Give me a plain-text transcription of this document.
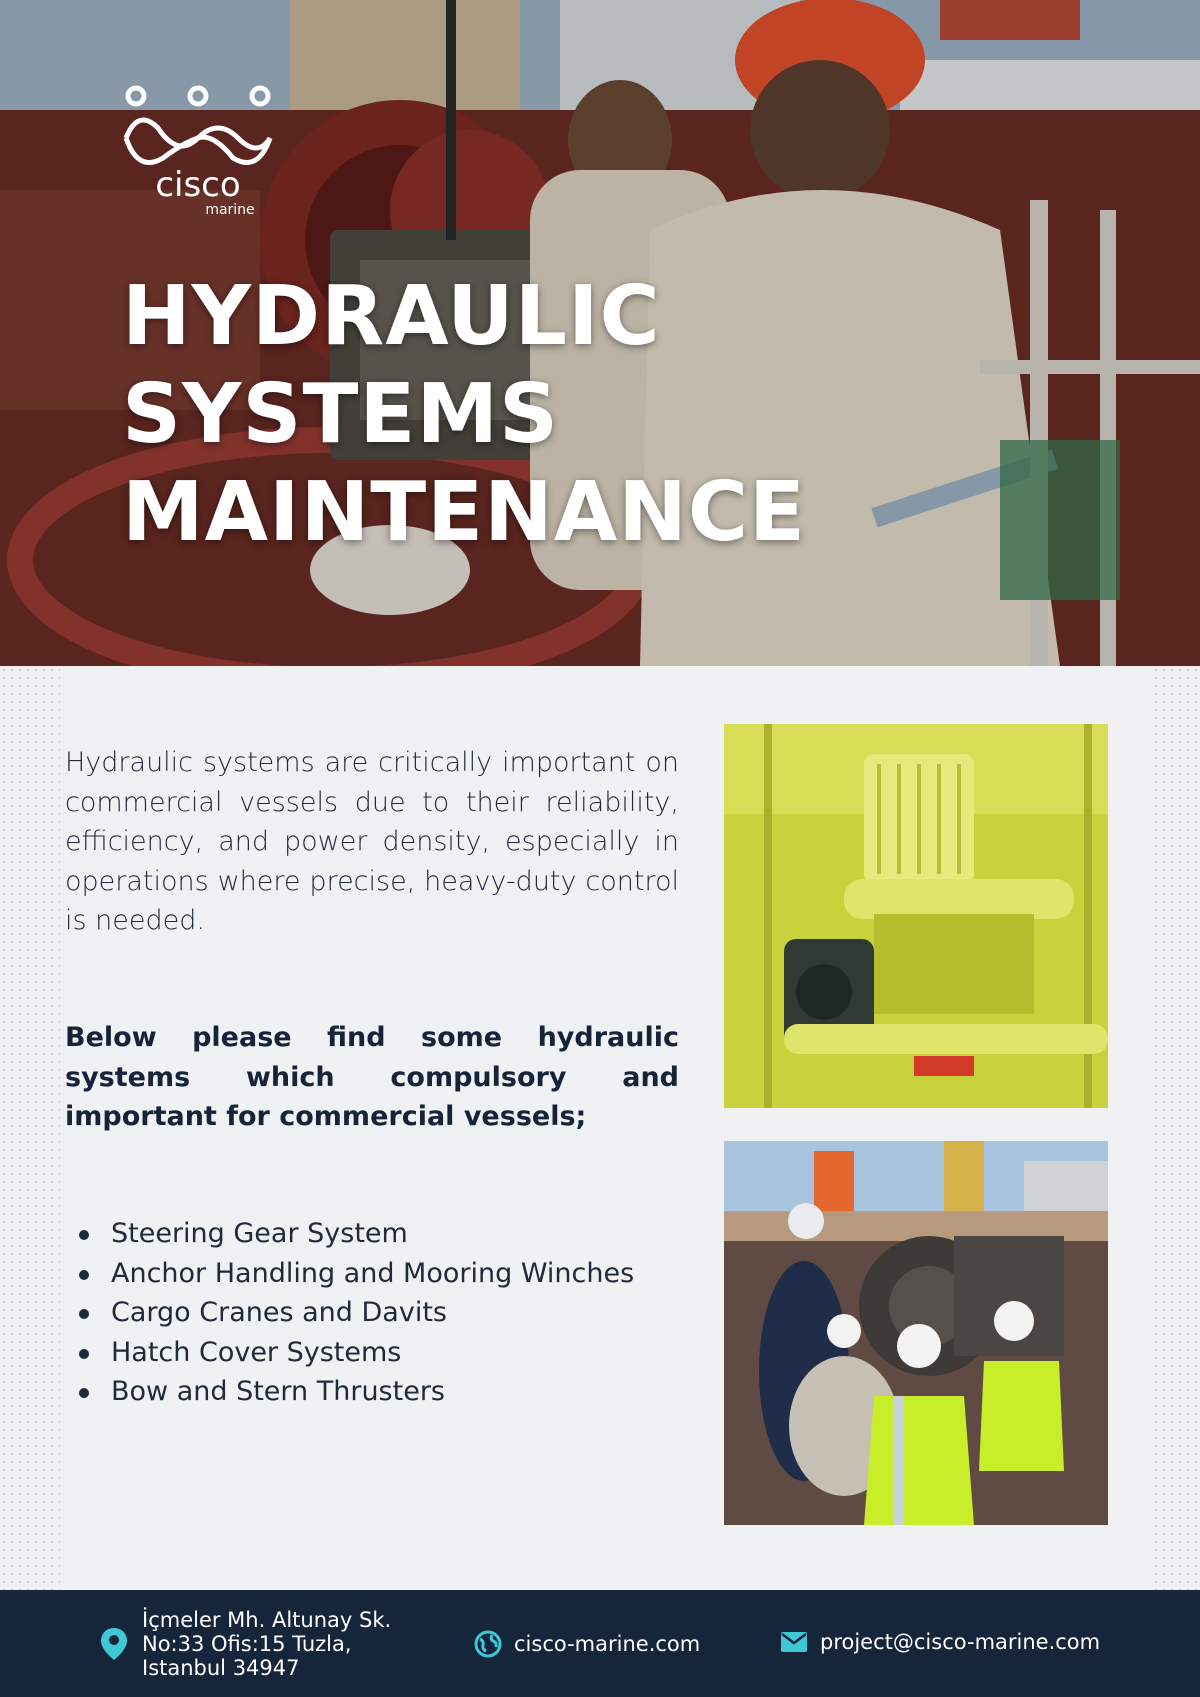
cisco
marine
HYDRAULIC
SYSTEMS
MAINTENANCE

Hydraulic systems are critically important on commercial vessels due to their reliability, efficiency, and power density, especially in operations where precise, heavy-duty control is needed.

Below please find some hydraulic systems which compulsory and important for commercial vessels;

Steering Gear System
Anchor Handling and Mooring Winches
Cargo Cranes and Davits
Hatch Cover Systems
Bow and Stern Thrusters
İçmeler Mh. Altunay Sk.
No:33 Ofis:15 Tuzla,
Istanbul 34947
cisco-marine.com	project@cisco-marine.com
